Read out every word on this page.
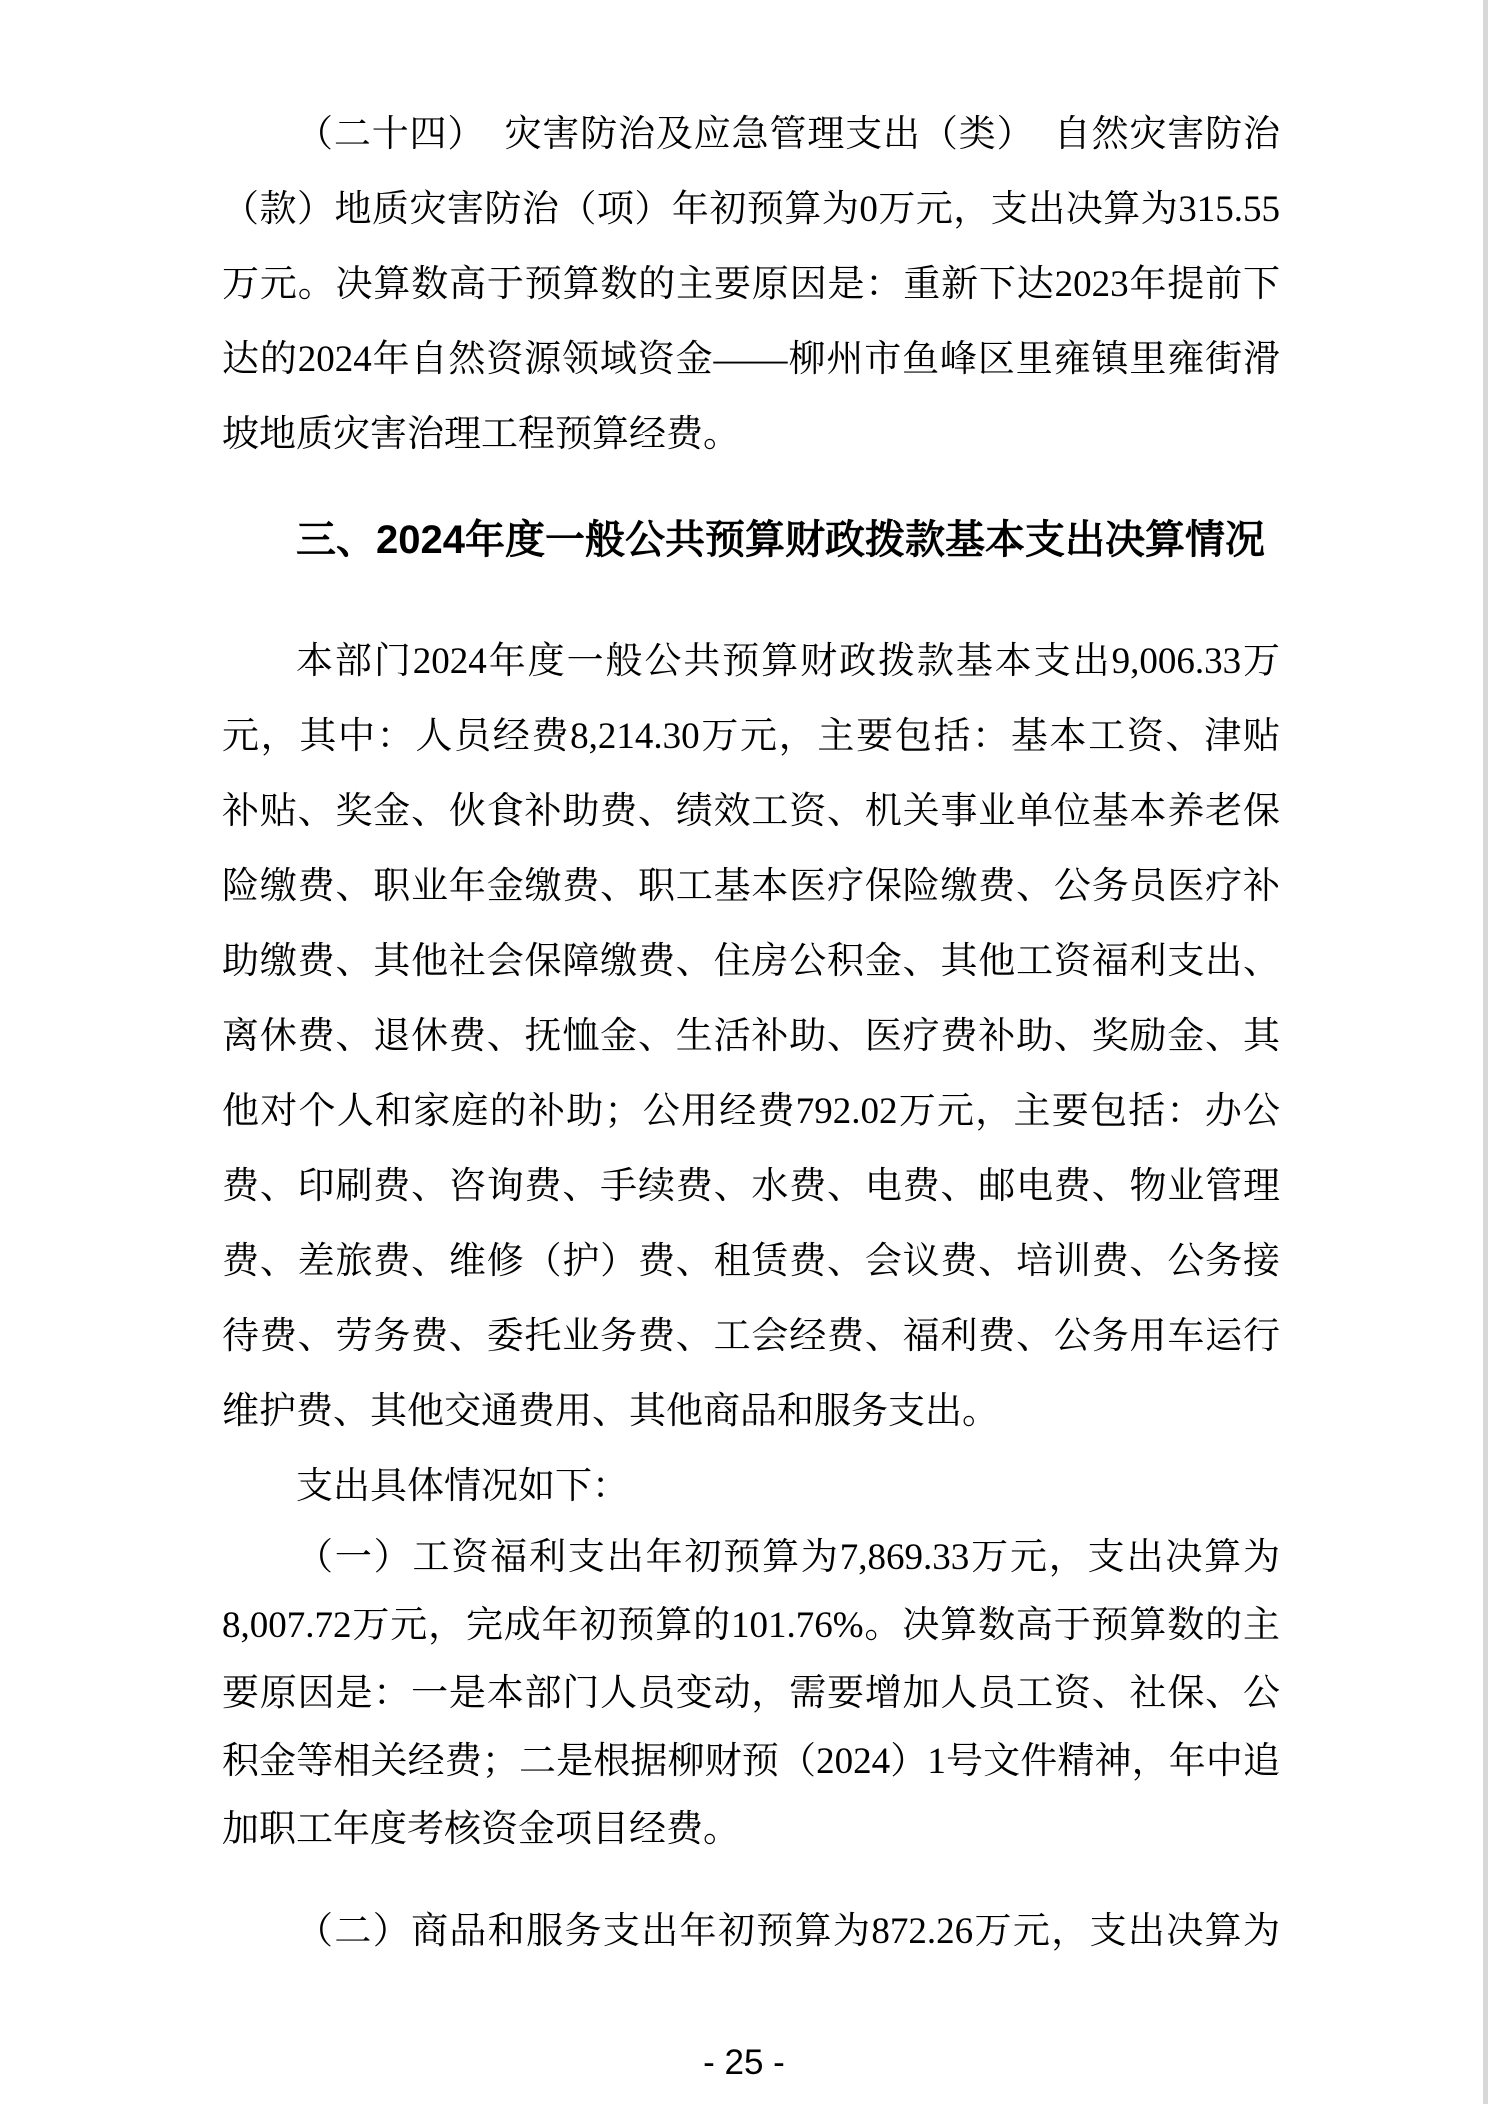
（二十四）　灾害防治及应急管理支出（类）　自然灾害防治
（款）地质灾害防治（项）年初预算为0万元，支出决算为315.55
万元。决算数高于预算数的主要原因是：重新下达2023年提前下
达的2024年自然资源领域资金——柳州市鱼峰区里雍镇里雍街滑
坡地质灾害治理工程预算经费。
三、2024年度一般公共预算财政拨款基本支出决算情况
本部门2024年度一般公共预算财政拨款基本支出9,006.33万
元，其中：人员经费8,214.30万元，主要包括：基本工资、津贴
补贴、奖金、伙食补助费、绩效工资、机关事业单位基本养老保
险缴费、职业年金缴费、职工基本医疗保险缴费、公务员医疗补
助缴费、其他社会保障缴费、住房公积金、其他工资福利支出、
离休费、退休费、抚恤金、生活补助、医疗费补助、奖励金、其
他对个人和家庭的补助；公用经费792.02万元，主要包括：办公
费、印刷费、咨询费、手续费、水费、电费、邮电费、物业管理
费、差旅费、维修（护）费、租赁费、会议费、培训费、公务接
待费、劳务费、委托业务费、工会经费、福利费、公务用车运行
维护费、其他交通费用、其他商品和服务支出。
支出具体情况如下：
（一）工资福利支出年初预算为7,869.33万元，支出决算为
8,007.72万元，完成年初预算的101.76%。决算数高于预算数的主
要原因是：一是本部门人员变动，需要增加人员工资、社保、公
积金等相关经费；二是根据柳财预（2024）1号文件精神，年中追
加职工年度考核资金项目经费。
（二）商品和服务支出年初预算为872.26万元，支出决算为
- 25 -
